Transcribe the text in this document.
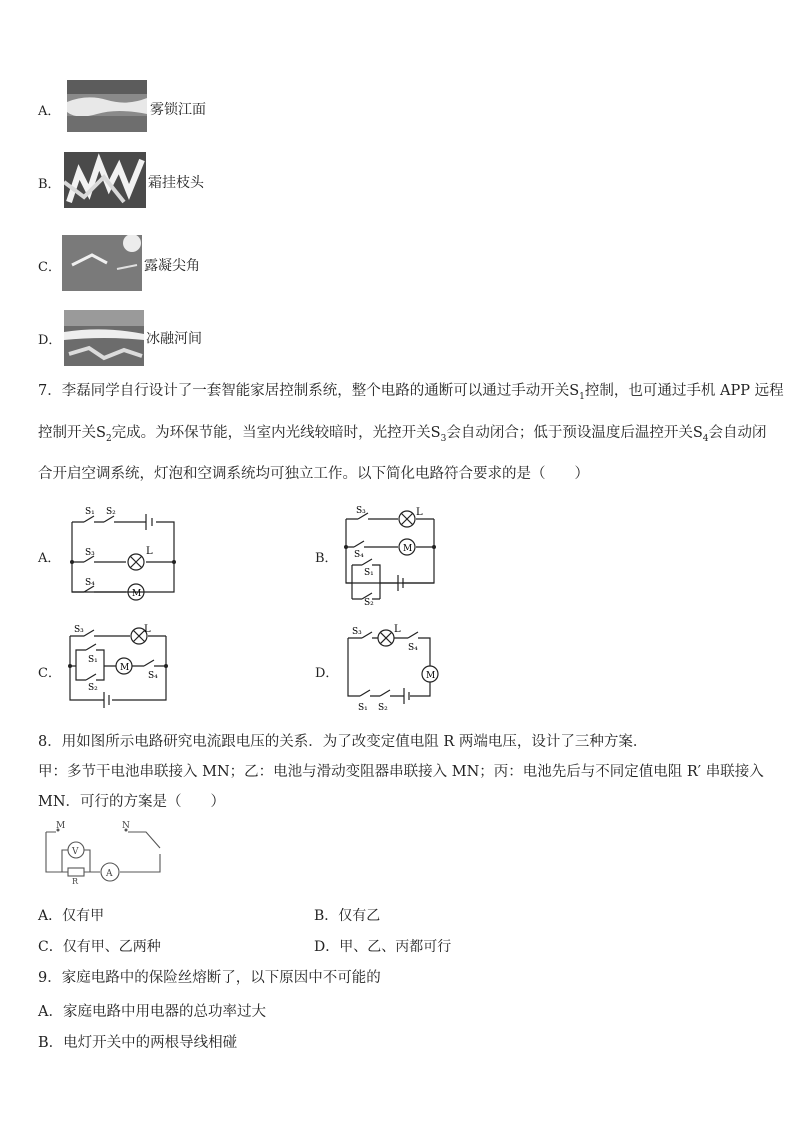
A．	雾锁江面
B．	霜挂枝头
C．	露凝尖角
D．	冰融河间
7．李磊同学自行设计了一套智能家居控制系统，整个电路的通断可以通过手动开关$S_1$控制，也可通过手机 APP 远程
控制开关$S_2$完成。为环保节能，当室内光线较暗时，光控开关$S_3$会自动闭合；低于预设温度后温控开关$S_4$会自动闭
合开启空调系统，灯泡和空调系统均可独立工作。以下简化电路符合要求的是（　　）
A．
S₁ S₂
S₃	L
S₄
M
B．
S₃	L
S₄
M
S₁
S₂
C．
S₃	L
S₁
M
S₄
S₂
D．
S₃	L
S₄
M
S₁ S₂
8．用如图所示电路研究电流跟电压的关系．为了改变定值电阻 R 两端电压，设计了三种方案．
甲：多节干电池串联接入 MN；乙：电池与滑动变阻器串联接入 MN；丙：电池先后与不同定值电阻 R′ 串联接入
MN．可行的方案是（　　）
M	N
V
A
R
A．仅有甲	B．仅有乙
C．仅有甲、乙两种	D．甲、乙、丙都可行
9．家庭电路中的保险丝熔断了，以下原因中不可能的
A．家庭电路中用电器的总功率过大
B．电灯开关中的两根导线相碰
